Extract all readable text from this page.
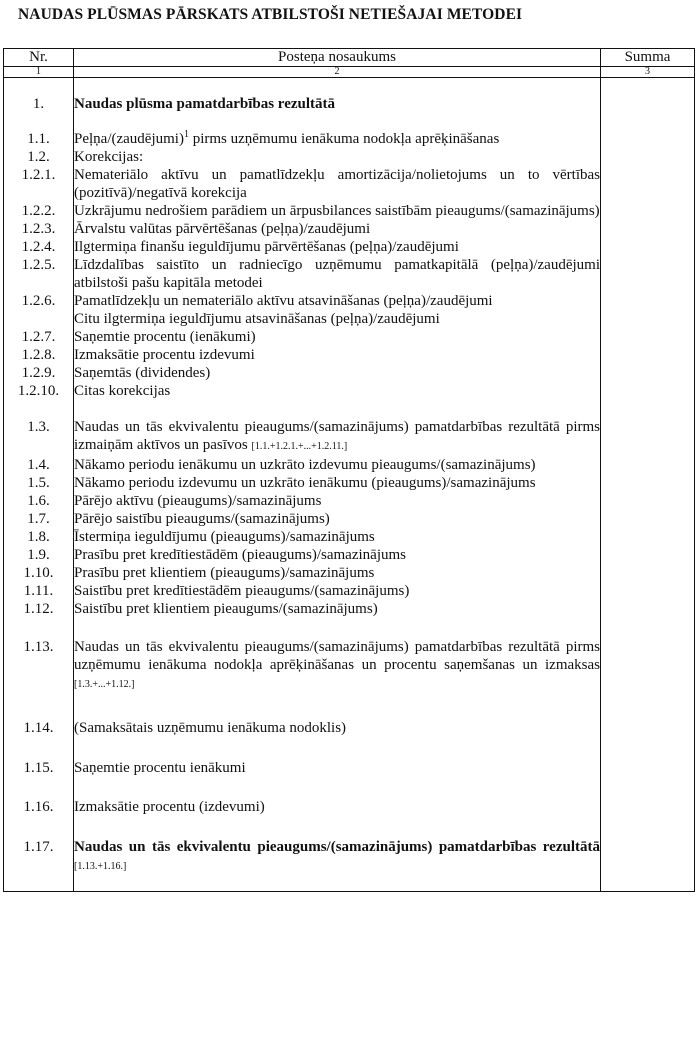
NAUDAS PLŪSMAS PĀRSKATS ATBILSTOŠI NETIEŠAJAI METODEI
Nr.	Posteņa nosaukums	Summa
1	2	3

1.	Naudas plūsma pamatdarbības rezultātā	

1.1.	Peļņa/(zaudējumi)$^1$ pirms uzņēmumu ienākuma nodokļa aprēķināšanas	
1.2.	Korekcijas:	
1.2.1.	Nemateriālo aktīvu un pamatlīdzekļu amortizācija/nolietojums un to vērtības (pozitīvā)/negatīvā korekcija	
1.2.2.	Uzkrājumu nedrošiem parādiem un ārpusbilances saistībām pieaugums/(samazinājums)	
1.2.3.	Ārvalstu valūtas pārvērtēšanas (peļņa)/zaudējumi	
1.2.4.	Ilgtermiņa finanšu ieguldījumu pārvērtēšanas (peļņa)/zaudējumi	
1.2.5.	Līdzdalības saistīto un radniecīgo uzņēmumu pamatkapitālā (peļņa)/zaudējumi atbilstoši pašu kapitāla metodei	
1.2.6.	Pamatlīdzekļu un nemateriālo aktīvu atsavināšanas (peļņa)/zaudējumi
Citu ilgtermiņa ieguldījumu atsavināšanas (peļņa)/zaudējumi	

1.2.7.	Saņemtie procentu (ienākumi)	
1.2.8.	Izmaksātie procentu izdevumi	
1.2.9.	Saņemtās (dividendes)	
1.2.10.	Citas korekcijas	

1.3.	Naudas un tās ekvivalentu pieaugums/(samazinājums) pamatdarbības rezultātā pirms izmaiņām aktīvos un pasīvos [1.1.+1.2.1.+...+1.2.11.]	
1.4.	Nākamo periodu ienākumu un uzkrāto izdevumu pieaugums/(samazinājums)	
1.5.	Nākamo periodu izdevumu un uzkrāto ienākumu (pieaugums)/samazinājums	
1.6.	Pārējo aktīvu (pieaugums)/samazinājums	
1.7.	Pārējo saistību pieaugums/(samazinājums)	
1.8.	Īstermiņa ieguldījumu (pieaugums)/samazinājums	
1.9.	Prasību pret kredītiestādēm (pieaugums)/samazinājums	
1.10.	Prasību pret klientiem (pieaugums)/samazinājums	
1.11.	Saistību pret kredītiestādēm pieaugums/(samazinājums)	
1.12.	Saistību pret klientiem pieaugums/(samazinājums)	

1.13.	Naudas un tās ekvivalentu pieaugums/(samazinājums) pamatdarbības rezultātā pirms uzņēmumu ienākuma nodokļa aprēķināšanas un procentu saņemšanas un izmaksas [1.3.+...+1.12.]	

1.14.	(Samaksātais uzņēmumu ienākuma nodoklis)	

1.15.	Saņemtie procentu ienākumi	

1.16.	Izmaksātie procentu (izdevumi)	

1.17.	Naudas un tās ekvivalentu pieaugums/(samazinājums) pamatdarbības rezultātā [1.13.+1.16.]	
